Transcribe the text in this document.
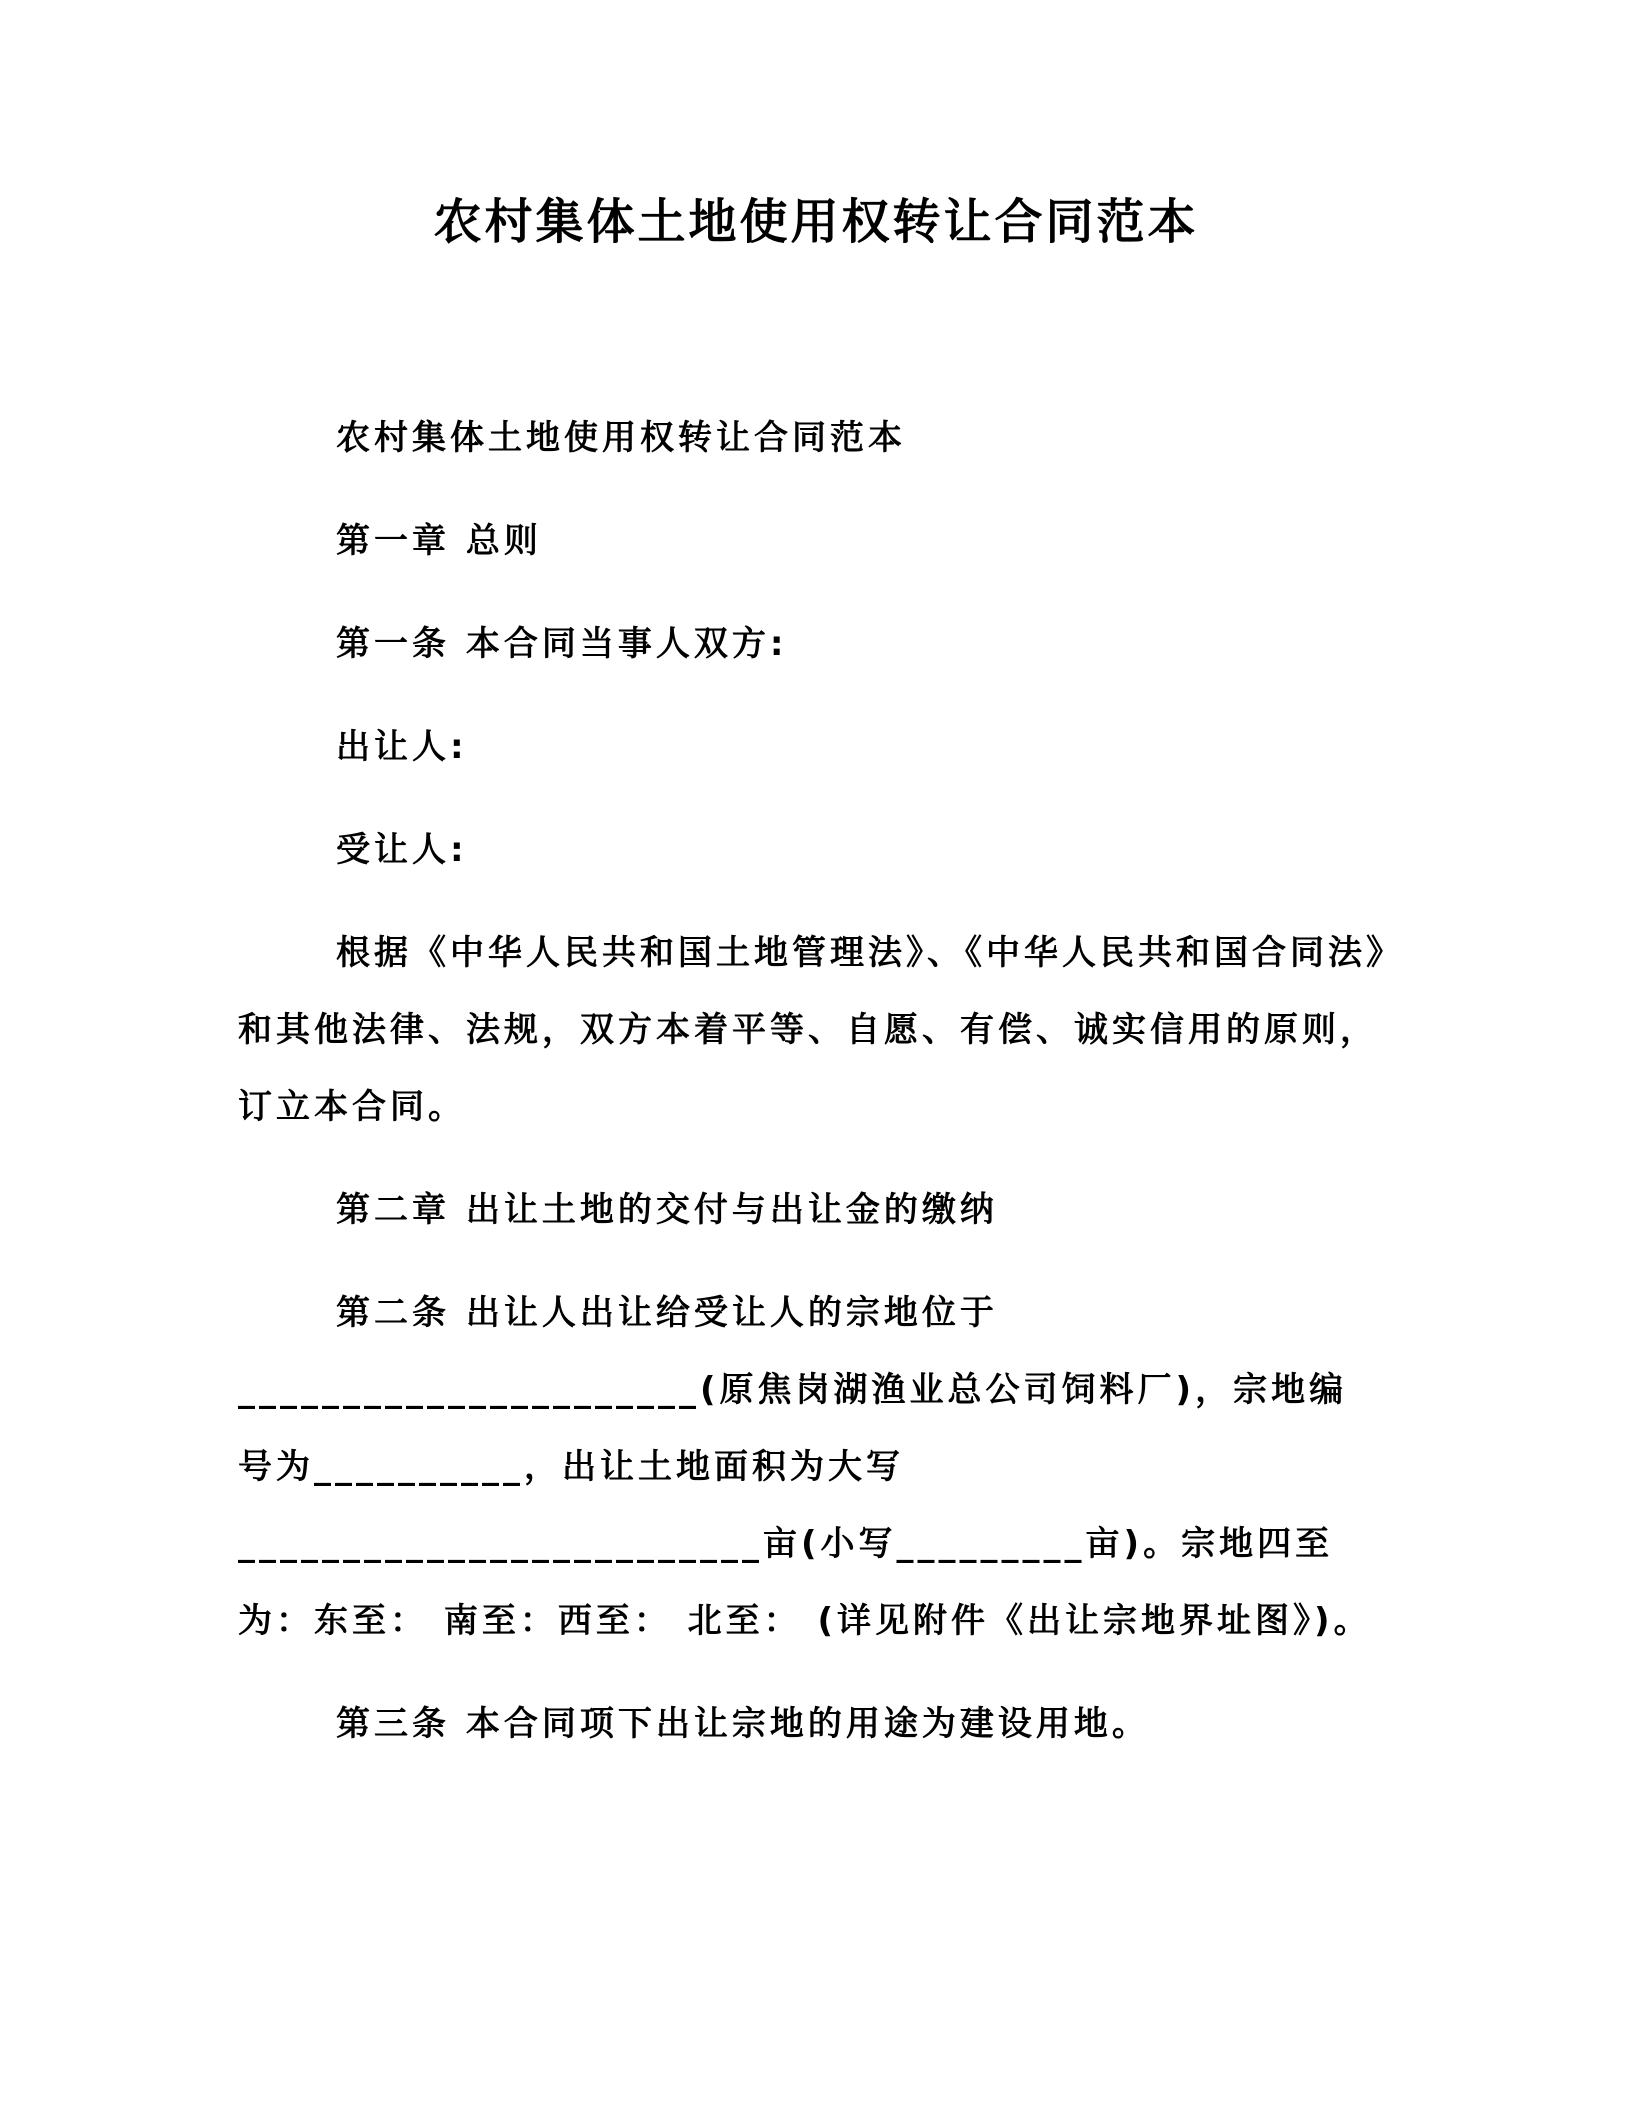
农村集体土地使用权转让合同范本
农村集体土地使用权转让合同范本
第一章 总则
第一条 本合同当事人双方:
出让人:
受让人:
根据《中华人民共和国土地管理法》、《中华人民共和国合同法》
和其他法律、法规，双方本着平等、自愿、有偿、诚实信用的原则，
订立本合同。
第二章 出让土地的交付与出让金的缴纳
第二条 出让人出让给受让人的宗地位于
______________________(原焦岗湖渔业总公司饲料厂)，宗地编
号为__________，出让土地面积为大写
_________________________亩(小写_________亩)。宗地四至
为：东至： 南至：西至： 北至： (详见附件《出让宗地界址图》)。
第三条 本合同项下出让宗地的用途为建设用地。
